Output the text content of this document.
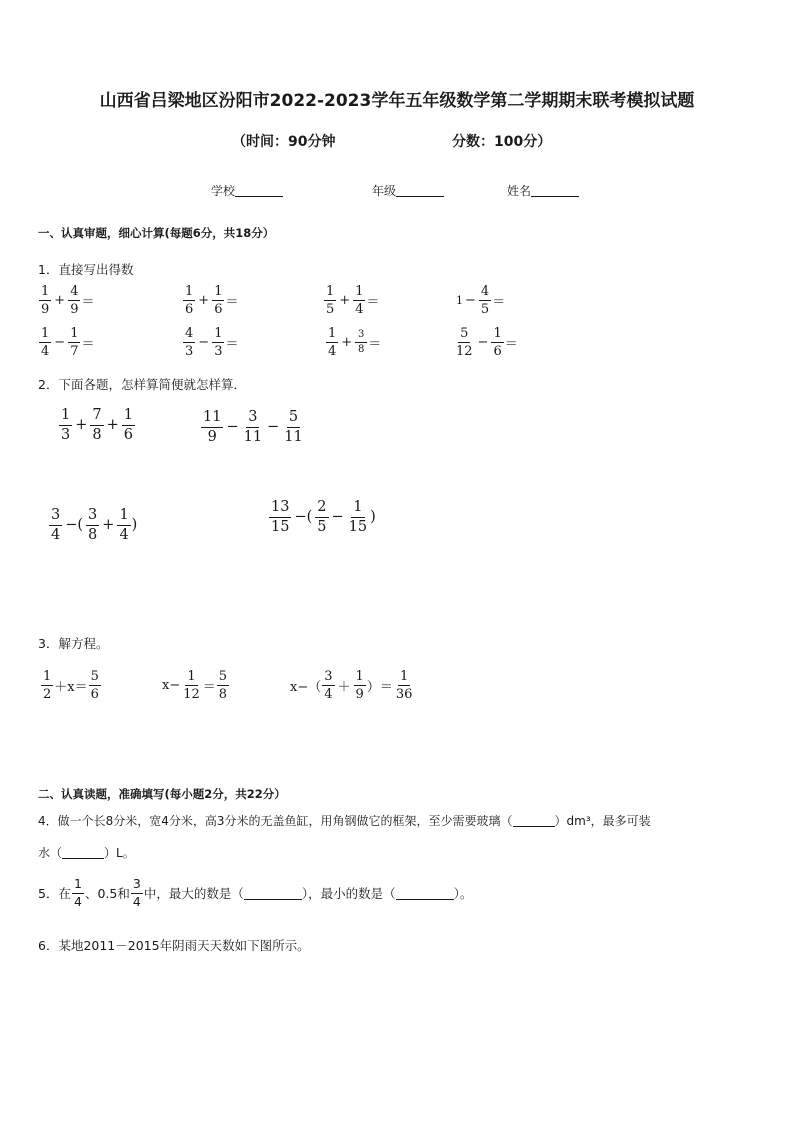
山西省吕梁地区汾阳市2022-2023学年五年级数学第二学期期末联考模拟试题
（时间：90分钟	分数：100分）
学校	年级	姓名
一、认真审题，细心计算(每题6分，共18分）
1．直接写出得数
$\frac{1}{9} + \frac{4}{9}$ ＝	$\frac{1}{6} + \frac{1}{6}$ ＝	$\frac{1}{5} + \frac{1}{4}$ ＝	$1 - \frac{4}{5}$ ＝
$\frac{1}{4} - \frac{1}{7}$ ＝	$\frac{4}{3} - \frac{1}{3}$ ＝	$\frac{1}{4} + \frac{3}{8}$ ＝	$\frac{5}{12} - \frac{1}{6}$ ＝
2．下面各题，怎样算简便就怎样算．
$\frac{1}{3} + \frac{7}{8} + \frac{1}{6}$	$\frac{11}{9} - \frac{3}{11} - \frac{5}{11}$
$\frac{3}{4}$ −( $\frac{3}{8} + \frac{1}{4}$ )	$\frac{13}{15}$ −( $\frac{2}{5} - \frac{1}{15}$ )
3．解方程。
$\frac{1}{2} +x= \frac{5}{6}$	$x- \frac{1}{12} = \frac{5}{8}$	$x-( \frac{3}{4} + \frac{1}{9}$ ）＝ $\frac{1}{36}$
二、认真读题，准确填写(每小题2分，共22分）
4．做一个长8分米，宽4分米，高3分米的无盖鱼缸，用角钢做它的框架，至少需要玻璃（	）dm³，最多可装
水（	）L。
5．在 $\frac{1}{4}$ 、0.5和 $\frac{3}{4}$ 中，最大的数是（	），最小的数是（	）。
6．某地2011－2015年阴雨天天数如下图所示。
